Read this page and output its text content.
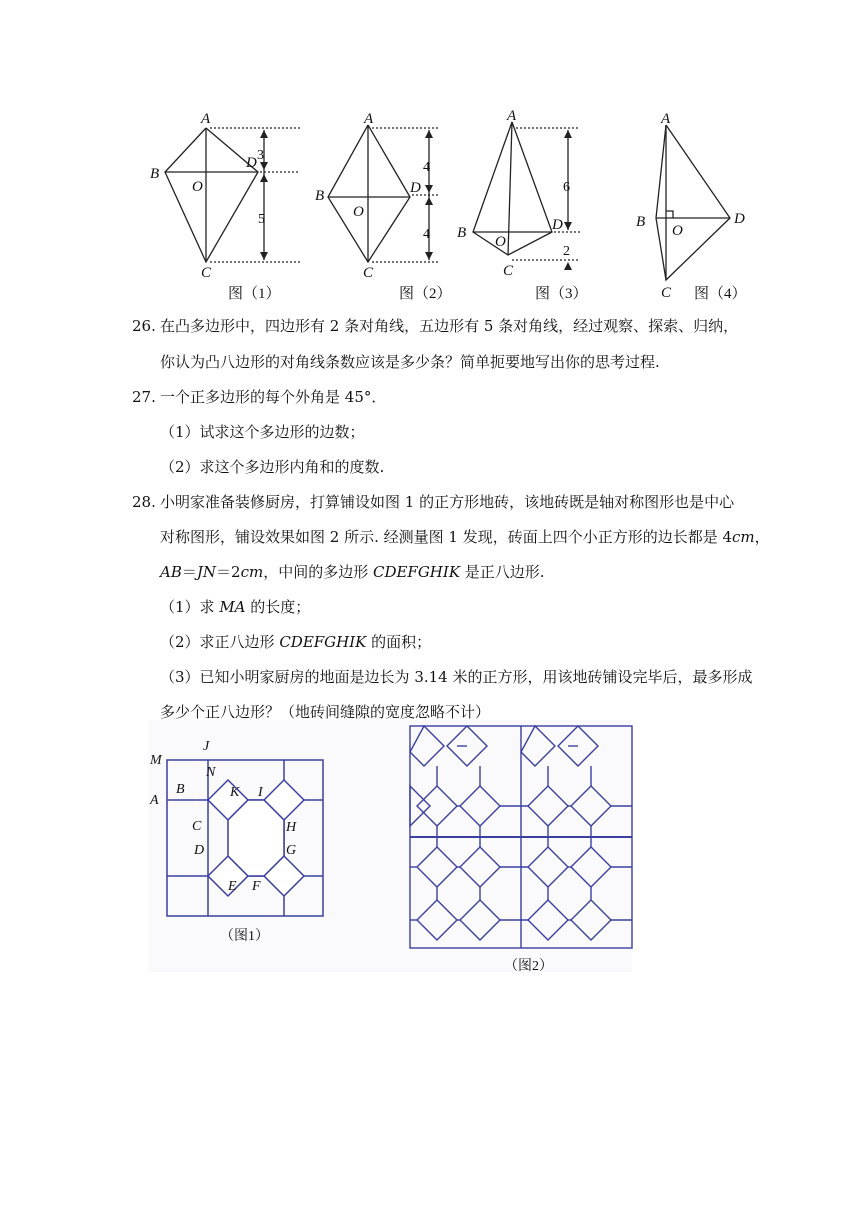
A
B
C
D
O
A
B
C
D
O
A
B
C
D
O
A
B
C
D
O
3
5
4
4
6
2
图（1）	图（2）	图（3）	图（4）
26. 在凸多边形中，四边形有 2 条对角线，五边形有 5 条对角线，经过观察、探索、归纳，
你认为凸八边形的对角线条数应该是多少条？简单扼要地写出你的思考过程.
27. 一个正多边形的每个外角是 45°．
（1）试求这个多边形的边数；
（2）求这个多边形内角和的度数.
28. 小明家准备装修厨房，打算铺设如图 1 的正方形地砖，该地砖既是轴对称图形也是中心
对称图形，铺设效果如图 2 所示. 经测量图 1 发现，砖面上四个小正方形的边长都是 4cm，
AB＝JN＝2cm，中间的多边形 CDEFGHIK 是正八边形.
（1）求 MA 的长度；
（2）求正八边形 CDEFGHIK 的面积；
（3）已知小明家厨房的地面是边长为 3.14 米的正方形，用该地砖铺设完毕后，最多形成
多少个正八边形？（地砖间缝隙的宽度忽略不计）
M
J
N
A
B	K I
C	H
D	G
E F
（图1）
（图2）
